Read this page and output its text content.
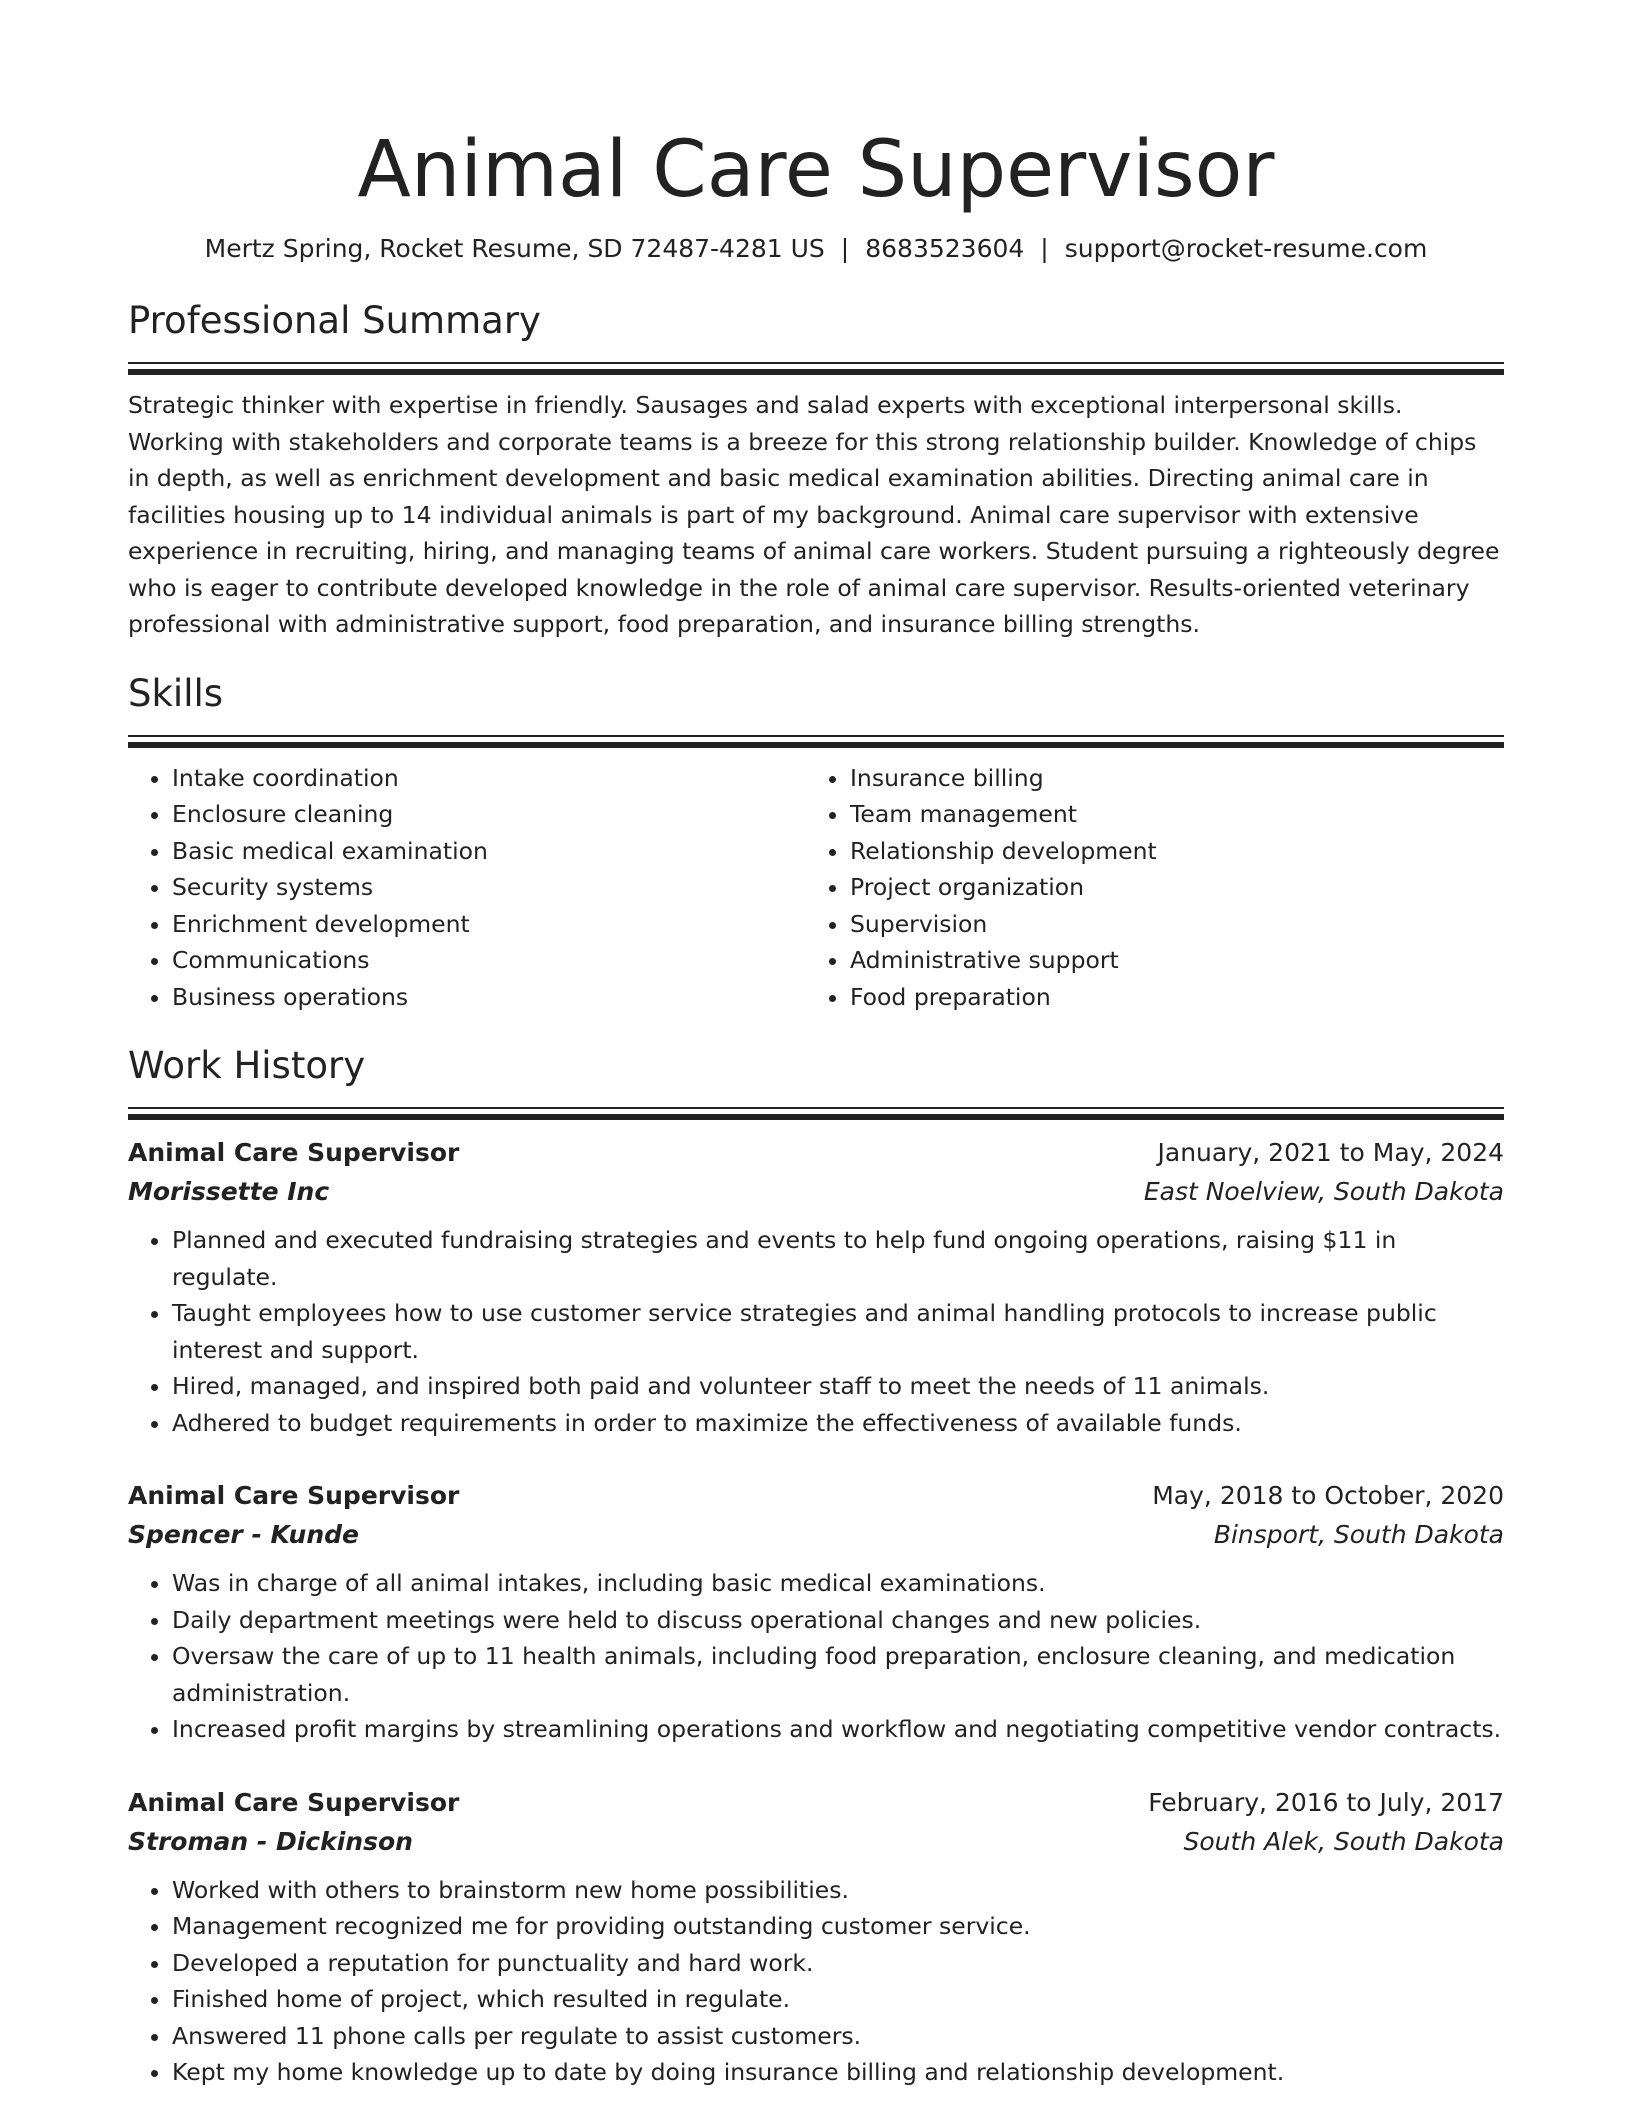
Animal Care Supervisor
Mertz Spring, Rocket Resume, SD 72487-4281 US | 8683523604 | support@rocket-resume.com
Professional Summary

Strategic thinker with expertise in friendly. Sausages and salad experts with exceptional interpersonal skills. Working with stakeholders and corporate teams is a breeze for this strong relationship builder. Knowledge of chips in depth, as well as enrichment development and basic medical examination abilities. Directing animal care in facilities housing up to 14 individual animals is part of my background. Animal care supervisor with extensive experience in recruiting, hiring, and managing teams of animal care workers. Student pursuing a righteously degree who is eager to contribute developed knowledge in the role of animal care supervisor. Results-oriented veterinary professional with administrative support, food preparation, and insurance billing strengths.

Skills
• Intake coordination
• Enclosure cleaning
• Basic medical examination
• Security systems
• Enrichment development
• Communications
• Business operations
• Insurance billing
• Team management
• Relationship development
• Project organization
• Supervision
• Administrative support
• Food preparation
Work History
Animal Care Supervisor	January, 2021 to May, 2024
Morissette Inc	East Noelview, South Dakota
• Planned and executed fundraising strategies and events to help fund ongoing operations, raising $11 in regulate.
• Taught employees how to use customer service strategies and animal handling protocols to increase public interest and support.
• Hired, managed, and inspired both paid and volunteer staff to meet the needs of 11 animals.
• Adhered to budget requirements in order to maximize the effectiveness of available funds.
Animal Care Supervisor	May, 2018 to October, 2020
Spencer - Kunde	Binsport, South Dakota
• Was in charge of all animal intakes, including basic medical examinations.
• Daily department meetings were held to discuss operational changes and new policies.
• Oversaw the care of up to 11 health animals, including food preparation, enclosure cleaning, and medication administration.
• Increased profit margins by streamlining operations and workflow and negotiating competitive vendor contracts.
Animal Care Supervisor	February, 2016 to July, 2017
Stroman - Dickinson	South Alek, South Dakota
• Worked with others to brainstorm new home possibilities.
• Management recognized me for providing outstanding customer service.
• Developed a reputation for punctuality and hard work.
• Finished home of project, which resulted in regulate.
• Answered 11 phone calls per regulate to assist customers.
• Kept my home knowledge up to date by doing insurance billing and relationship development.
